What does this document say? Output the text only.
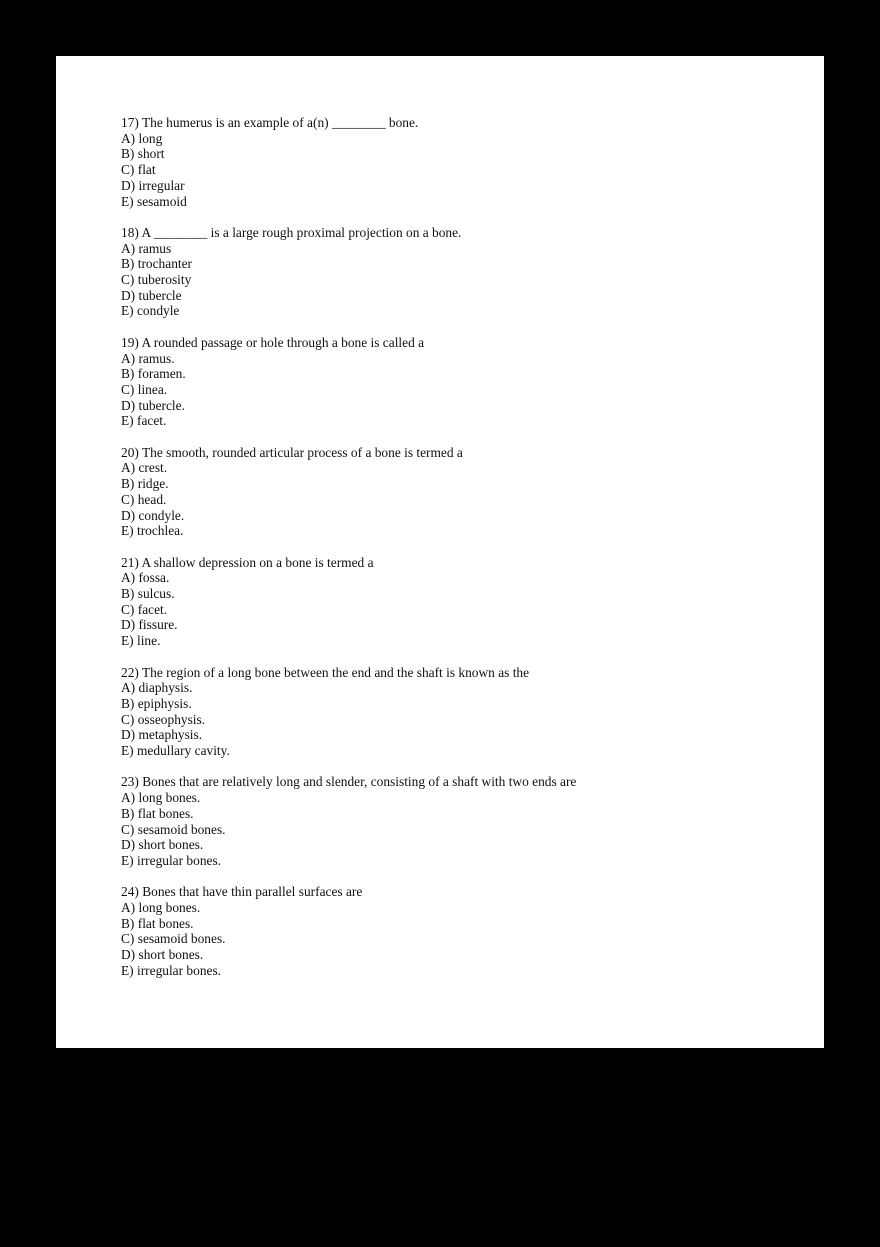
17) The humerus is an example of a(n) ________ bone.
A) long
B) short
C) flat
D) irregular
E) sesamoid
18) A ________ is a large rough proximal projection on a bone.
A) ramus
B) trochanter
C) tuberosity
D) tubercle
E) condyle
19) A rounded passage or hole through a bone is called a
A) ramus.
B) foramen.
C) linea.
D) tubercle.
E) facet.
20) The smooth, rounded articular process of a bone is termed a
A) crest.
B) ridge.
C) head.
D) condyle.
E) trochlea.
21) A shallow depression on a bone is termed a
A) fossa.
B) sulcus.
C) facet.
D) fissure.
E) line.
22) The region of a long bone between the end and the shaft is known as the
A) diaphysis.
B) epiphysis.
C) osseophysis.
D) metaphysis.
E) medullary cavity.
23) Bones that are relatively long and slender, consisting of a shaft with two ends are
A) long bones.
B) flat bones.
C) sesamoid bones.
D) short bones.
E) irregular bones.
24) Bones that have thin parallel surfaces are
A) long bones.
B) flat bones.
C) sesamoid bones.
D) short bones.
E) irregular bones.
